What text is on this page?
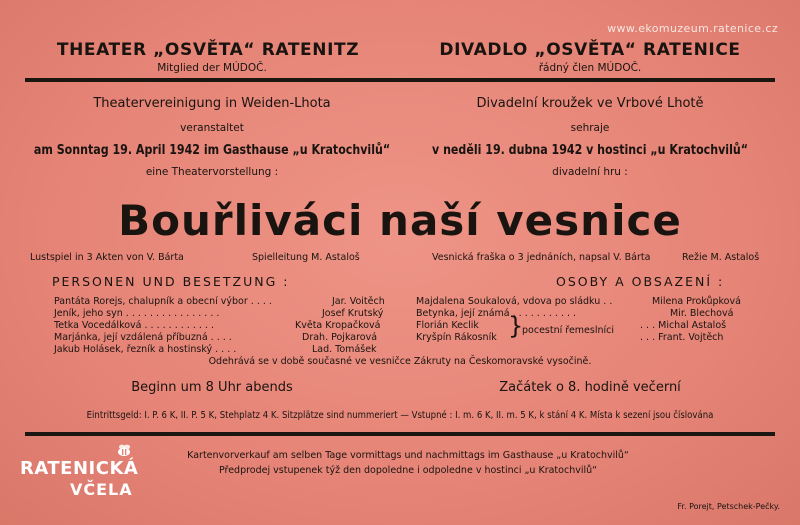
www.ekomuzeum.ratenice.cz
THEATER „OSVĚTA“ RATENITZ
Mitglied der MÚDOČ.
DIVADLO „OSVĚTA“ RATENICE
řádný člen MÚDOČ.
Theatervereinigung in Weiden-Lhota
veranstaltet
am Sonntag 19. April 1942 im Gasthause „u Kratochvilů“
eine Theatervorstellung :
Divadelní kroužek ve Vrbové Lhotě
sehraje
v neděli 19. dubna 1942 v hostinci „u Kratochvilů“
divadelní hru :
Bouřliváci naší vesnice
Lustspiel in 3 Akten von V. Bárta	Spielleitung M. Astaloš	Vesnická fraška o 3 jednáních, napsal V. Bárta	Režie M. Astaloš
PERSONEN UND BESETZUNG :	OSOBY A OBSAZENÍ :
Pantáta Rorejs, chalupník a obecní výbor . . . .	Jar. Voitěch
Jeník, jeho syn . . . . . . . . . . . . . . . .	Josef Krutský
Tetka Vocedálková . . . . . . . . . . . .	Květa Kropačková
Marjánka, její vzdálená příbuzná . . . .	Drah. Pojkarová
Jakub Holásek, řezník a hostinský . . . .	Lad. Tomášek
Majdalena Soukalová, vdova po sládku . .	Milena Prokůpková
Betynka, její známá . . . . . . . . . . .	Mir. Blechová
Florián Keclik	. . . Michal Astaloš
Kryšpín Rákosník	. . . Frant. Vojtěch
}
pocestní řemeslníci
Odehrává se v době současné ve vesničce Zákruty na Českomoravské vysočině.
Beginn um 8 Uhr abends	Začátek o 8. hodině večerní
Eintrittsgeld: I. P. 6 K, II. P. 5 K, Stehplatz 4 K. Sitzplätze sind nummeriert — Vstupné : I. m. 6 K, II. m. 5 K, k stání 4 K. Místa k sezení jsou číslována
Kartenvorverkauf am selben Tage vormittags und nachmittags im Gasthause „u Kratochvilů“
Předprodej vstupenek týž den dopoledne i odpoledne v hostinci „u Kratochvilů“
Fr. Porejt, Petschek-Pečky.
RATENICKÁ
VČELA
